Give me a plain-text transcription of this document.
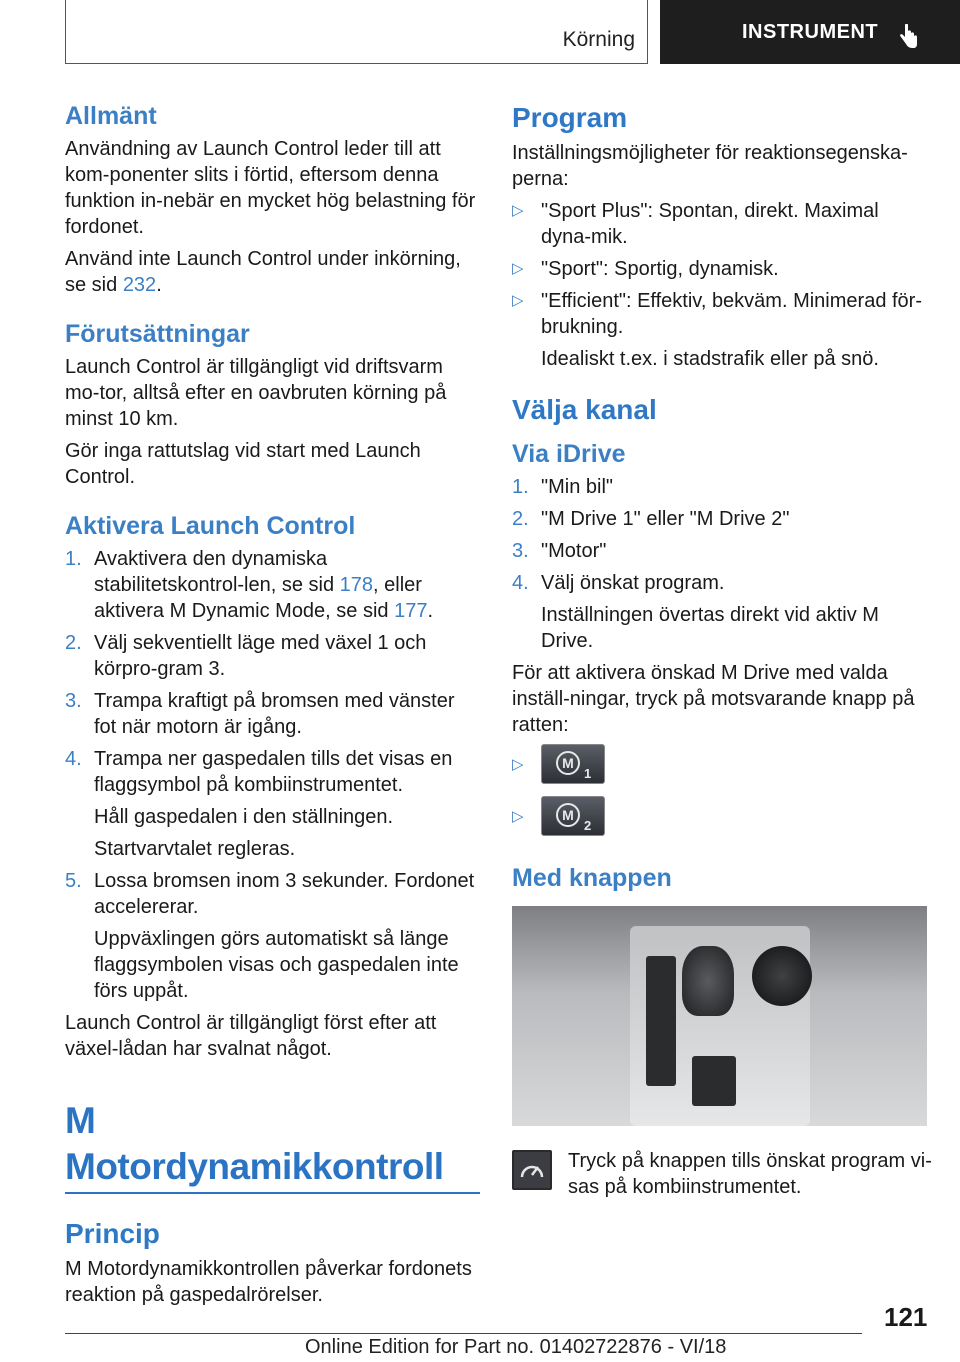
Körning	INSTRUMENT
Allmänt

Användning av Launch Control leder till att kom-ponenter slits i förtid, eftersom denna funktion in-nebär en mycket hög belastning för fordonet.

Använd inte Launch Control under inkörning, se sid 232.

Förutsättningar

Launch Control är tillgängligt vid driftsvarm mo-tor, alltså efter en oavbruten körning på minst 10 km.

Gör inga rattutslag vid start med Launch Control.

Aktivera Launch Control
1. Avaktivera den dynamiska stabilitetskontrol-len, se sid 178, eller aktivera M Dynamic Mode, se sid 177.
2. Välj sekventiellt läge med växel 1 och körpro-gram 3.
3. Trampa kraftigt på bromsen med vänster fot när motorn är igång.
4. Trampa ner gaspedalen tills det visas en flaggsymbol på kombiinstrumentet.
Håll gaspedalen i den ställningen.
Startvarvtalet regleras.
5. Lossa bromsen inom 3 sekunder. Fordonet accelererar.
Uppväxlingen görs automatiskt så länge flaggsymbolen visas och gaspedalen inte förs uppåt.

Launch Control är tillgängligt först efter att växel-lådan har svalnat något.

M Motordynamikkontroll
Princip

M Motordynamikkontrollen påverkar fordonets reaktion på gaspedalrörelser.

Program

Inställningsmöjligheter för reaktionsegenska-perna:

▷ "Sport Plus": Spontan, direkt. Maximal dyna-mik.
▷ "Sport": Sportig, dynamisk.
▷ "Efficient": Effektiv, bekväm. Minimerad för-brukning.
Idealiskt t.ex. i stadstrafik eller på snö.
Välja kanal
Via iDrive
1. "Min bil"
2. "M Drive 1" eller "M Drive 2"
3. "Motor"
4. Välj önskat program.
Inställningen övertas direkt vid aktiv M Drive.

För att aktivera önskad M Drive med valda inställ-ningar, tryck på motsvarande knapp på ratten:

▷	M
1
▷	M
2
Med knappen

Tryck på knappen tills önskat program vi-sas på kombiinstrumentet.

121
Online Edition for Part no. 01402722876 - VI/18
